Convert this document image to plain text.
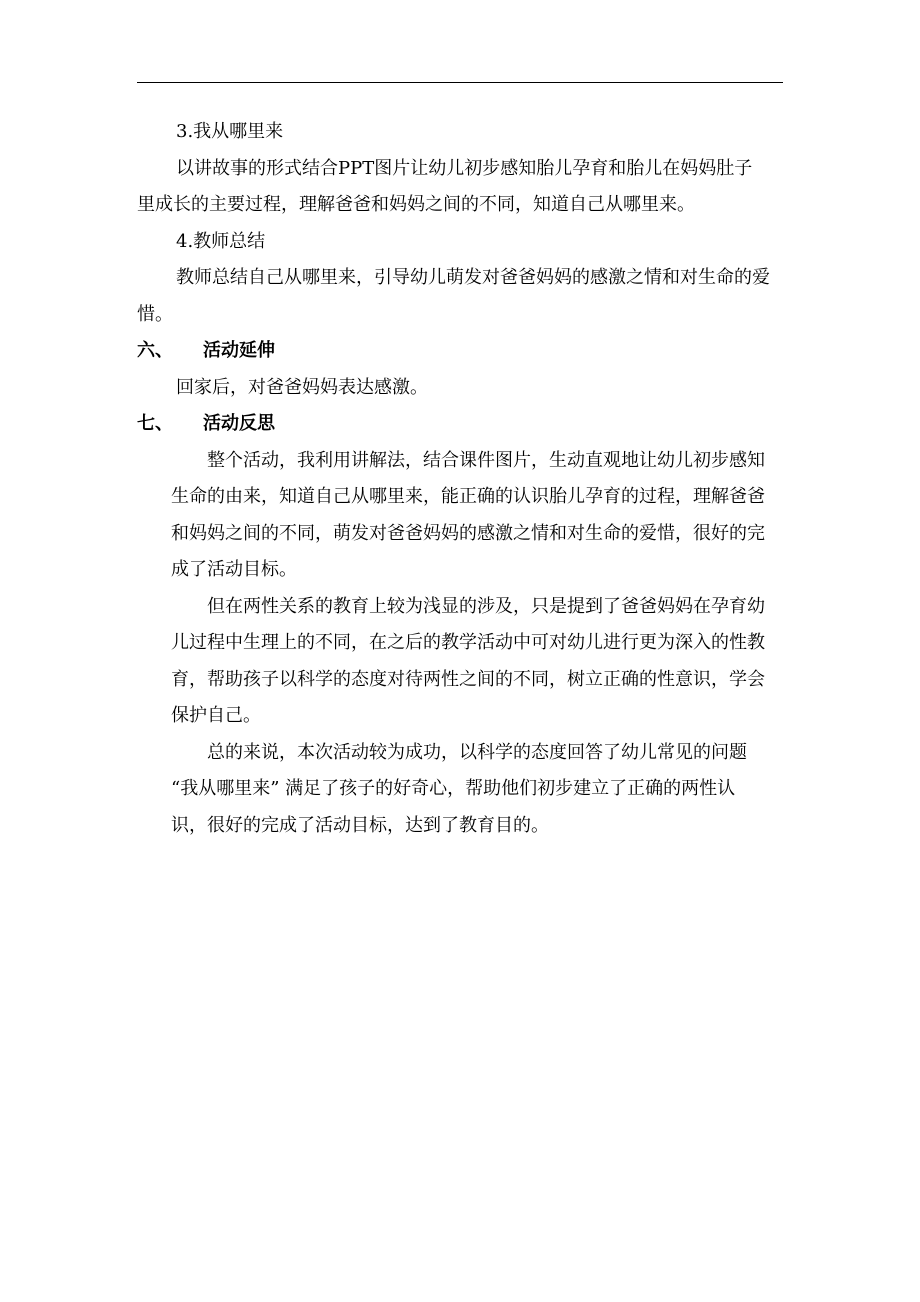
3.我从哪里来
以讲故事的形式结合PPT图片让幼儿初步感知胎儿孕育和胎儿在妈妈肚子
里成长的主要过程，理解爸爸和妈妈之间的不同，知道自己从哪里来。
4.教师总结
教师总结自己从哪里来，引导幼儿萌发对爸爸妈妈的感激之情和对生命的爱
惜。
六、 活动延伸
回家后，对爸爸妈妈表达感激。
七、 活动反思
整个活动，我利用讲解法，结合课件图片，生动直观地让幼儿初步感知
生命的由来，知道自己从哪里来，能正确的认识胎儿孕育的过程，理解爸爸
和妈妈之间的不同，萌发对爸爸妈妈的感激之情和对生命的爱惜，很好的完
成了活动目标。
但在两性关系的教育上较为浅显的涉及，只是提到了爸爸妈妈在孕育幼
儿过程中生理上的不同，在之后的教学活动中可对幼儿进行更为深入的性教
育，帮助孩子以科学的态度对待两性之间的不同，树立正确的性意识，学会
保护自己。
总的来说，本次活动较为成功，以科学的态度回答了幼儿常见的问题
“我从哪里来” 满足了孩子的好奇心，帮助他们初步建立了正确的两性认
识，很好的完成了活动目标，达到了教育目的。
